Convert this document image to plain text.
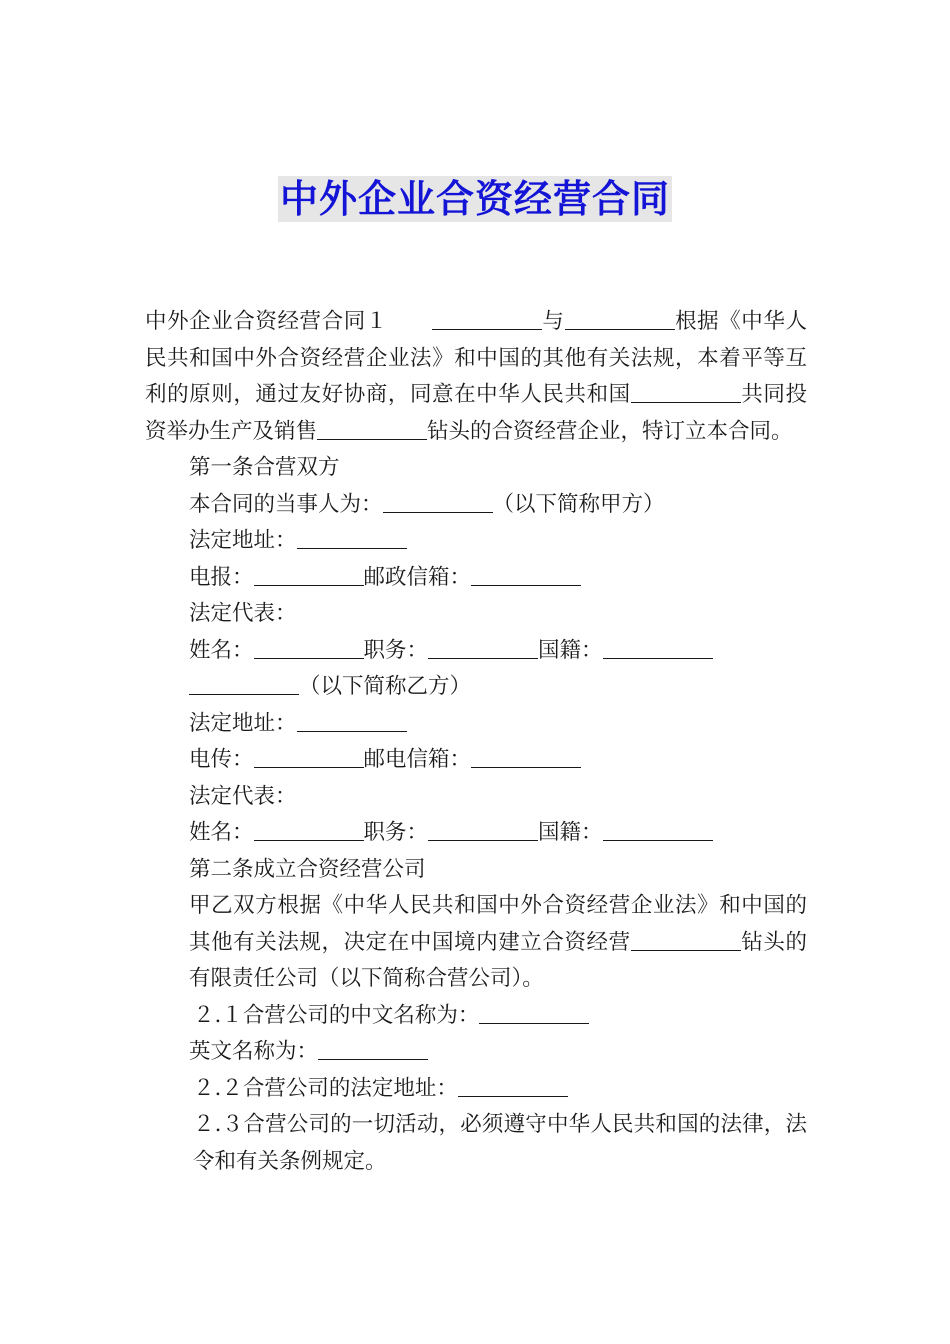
中外企业合资经营合同

中外企业合资经营合同１	与	根据《中华人民共和国中外合资经营企业法》和中国的其他有关法规，本着平等互利的原则，通过友好协商，同意在中华人民共和国	共同投资举办生产及销售	钻头的合资经营企业，特订立本合同。

第一条合营双方

本合同的当事人为：	（以下简称甲方）

法定地址：

电报：	邮政信箱：

法定代表：

姓名：	职务：	国籍：

（以下简称乙方）

法定地址：

电传：	邮电信箱：

法定代表：

姓名：	职务：	国籍：

第二条成立合资经营公司

甲乙双方根据《中华人民共和国中外合资经营企业法》和中国的其他有关法规，决定在中国境内建立合资经营	钻头的有限责任公司（以下简称合营公司）。

２.１合营公司的中文名称为：

英文名称为：

２.２合营公司的法定地址：

２.３合营公司的一切活动，必须遵守中华人民共和国的法律，法令和有关条例规定。
